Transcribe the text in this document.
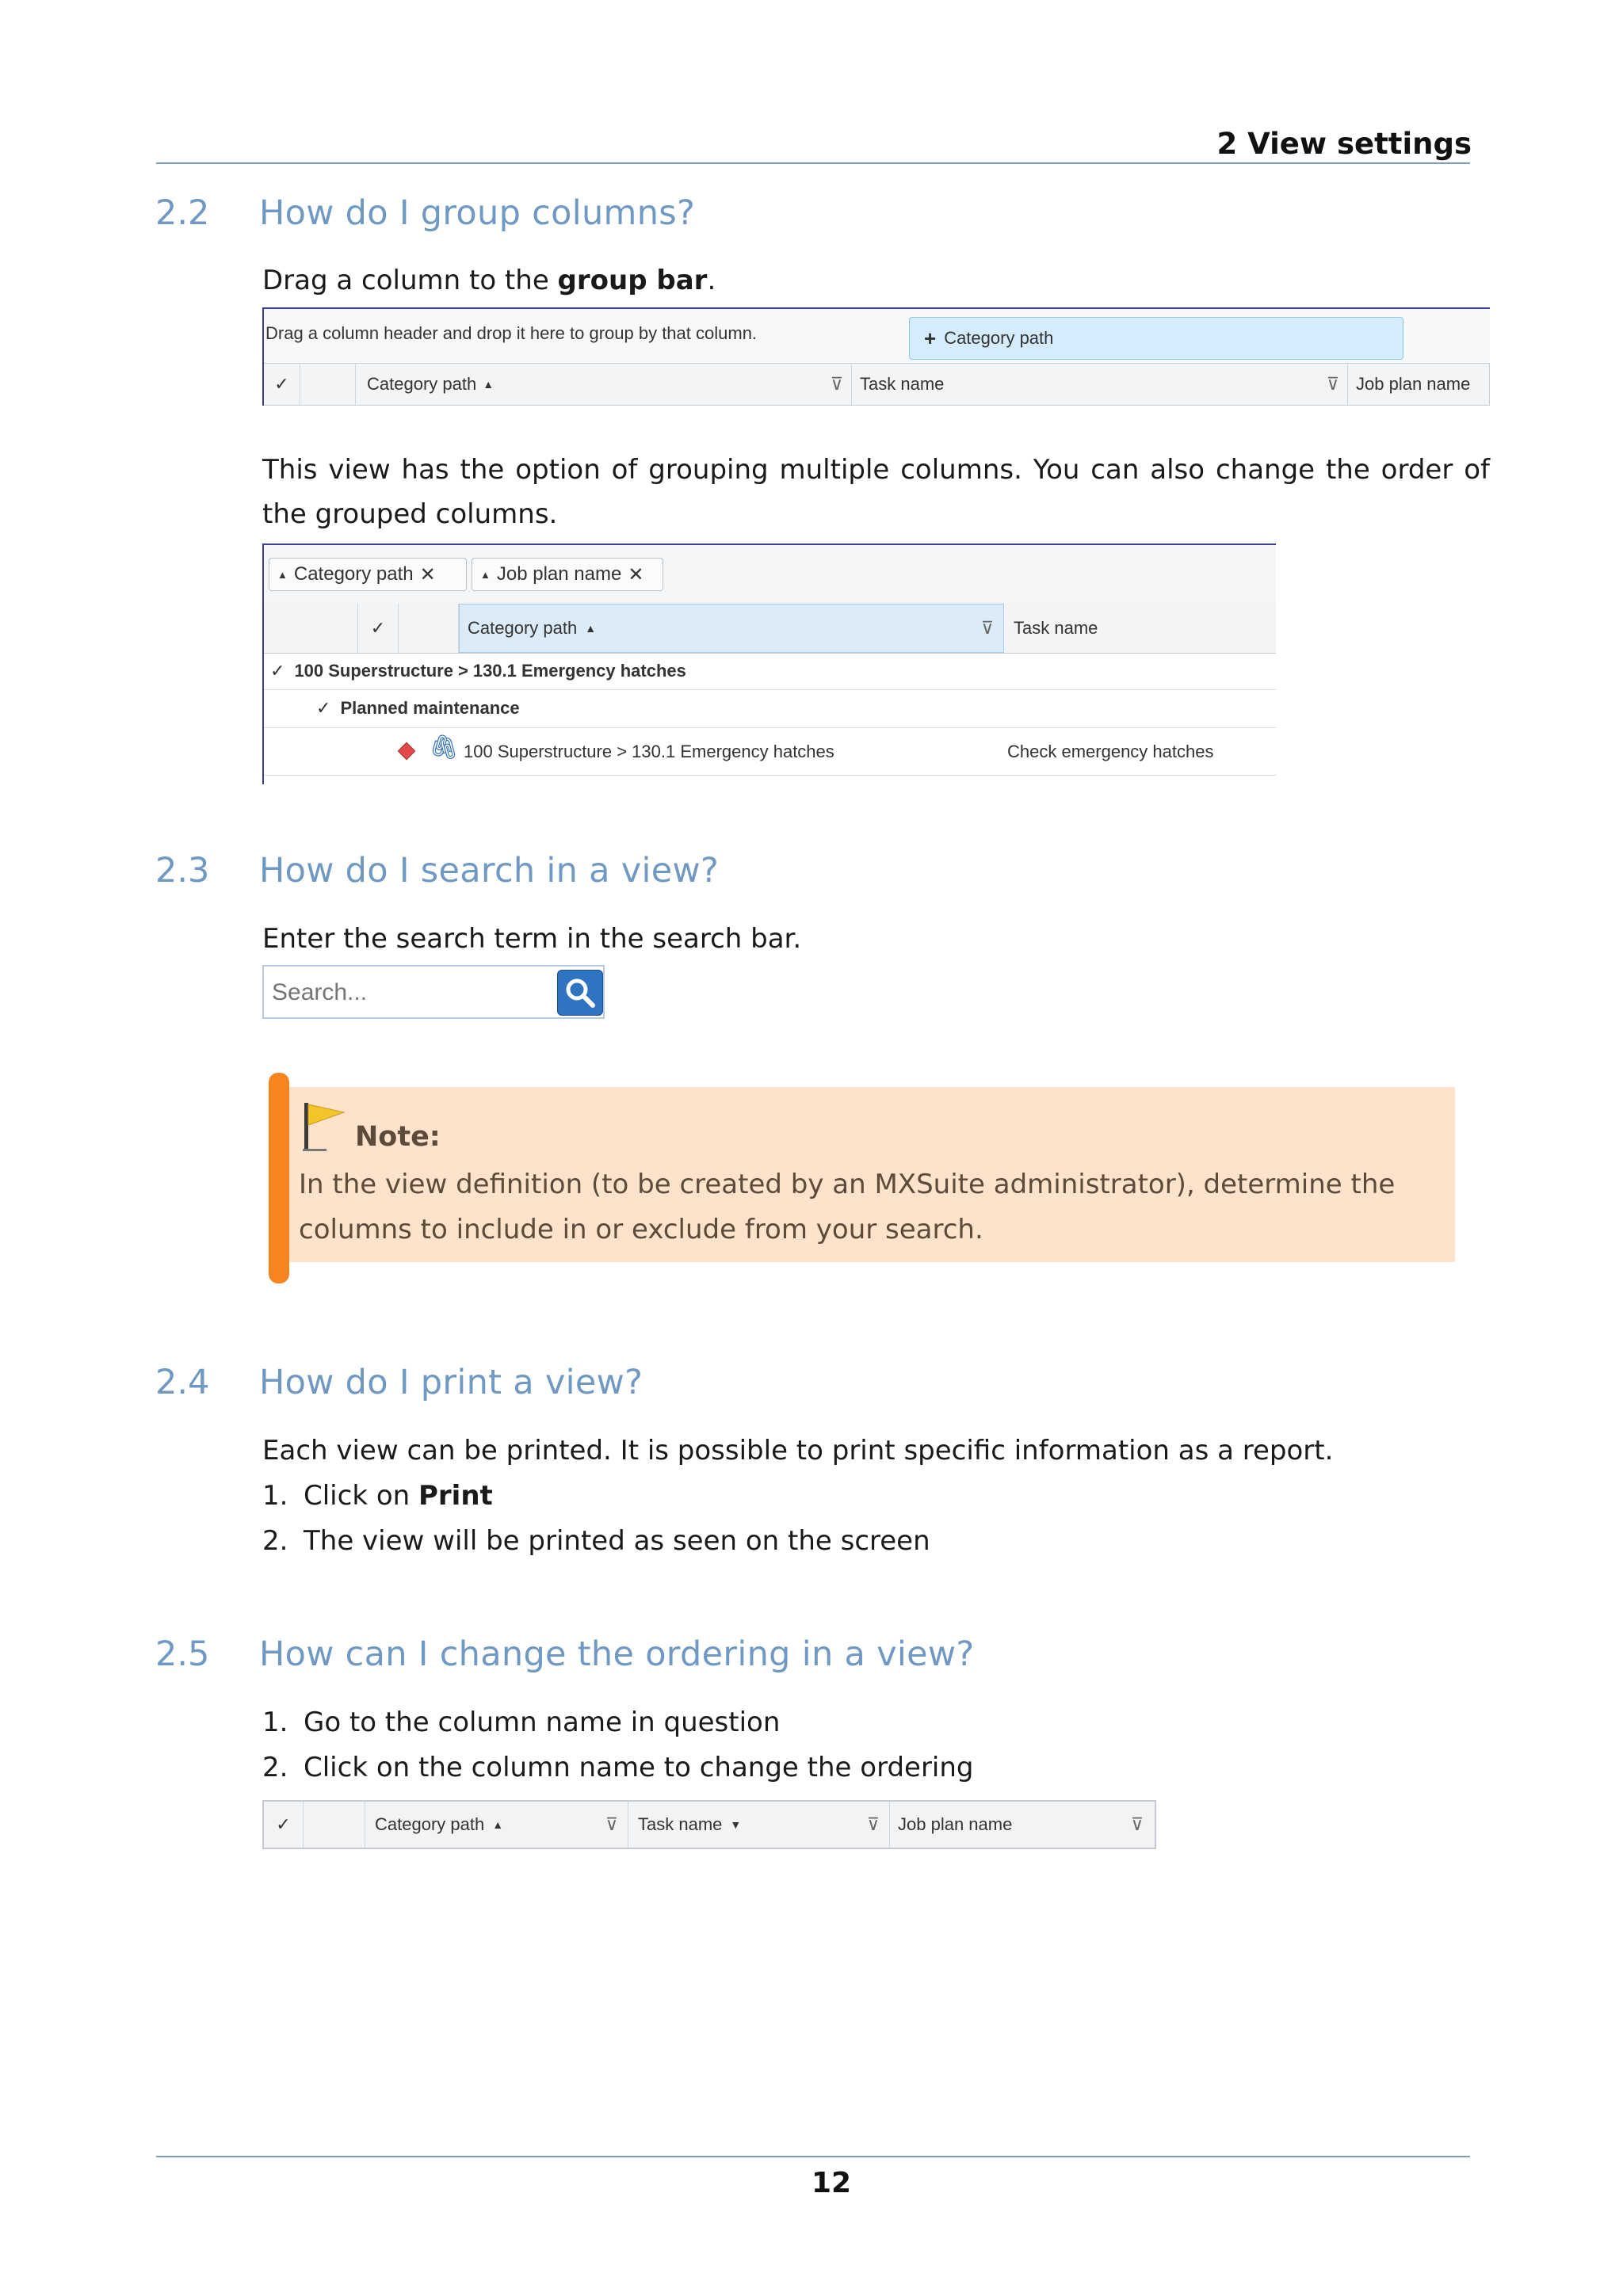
2 View settings
2.2 How do I group columns?
Drag a column to the group bar.
Drag a column header and drop it here to group by that column.	+ Category path
✓	Category path ▲	⊽ Task name	⊽ Job plan name
This view has the option of grouping multiple columns. You can also change the order of the grouped columns.
▲ Category path ✕	▲ Job plan name ✕
✓	Category path ▲	⊽ Task name
✓ 100 Superstructure > 130.1 Emergency hatches
✓ Planned maintenance
🖇 100 Superstructure > 130.1 Emergency hatches	Check emergency hatches
2.3 How do I search in a view?
Enter the search term in the search bar.
Search...
Note:
In the view definition (to be created by an MXSuite administrator), determine the columns to include in or exclude from your search.
2.4 How do I print a view?
Each view can be printed. It is possible to print specific information as a report.
1. Click on Print
2. The view will be printed as seen on the screen
2.5 How can I change the ordering in a view?
1. Go to the column name in question
2. Click on the column name to change the ordering
✓	Category path ▲	⊽ Task name ▼	⊽ Job plan name	⊽
12
